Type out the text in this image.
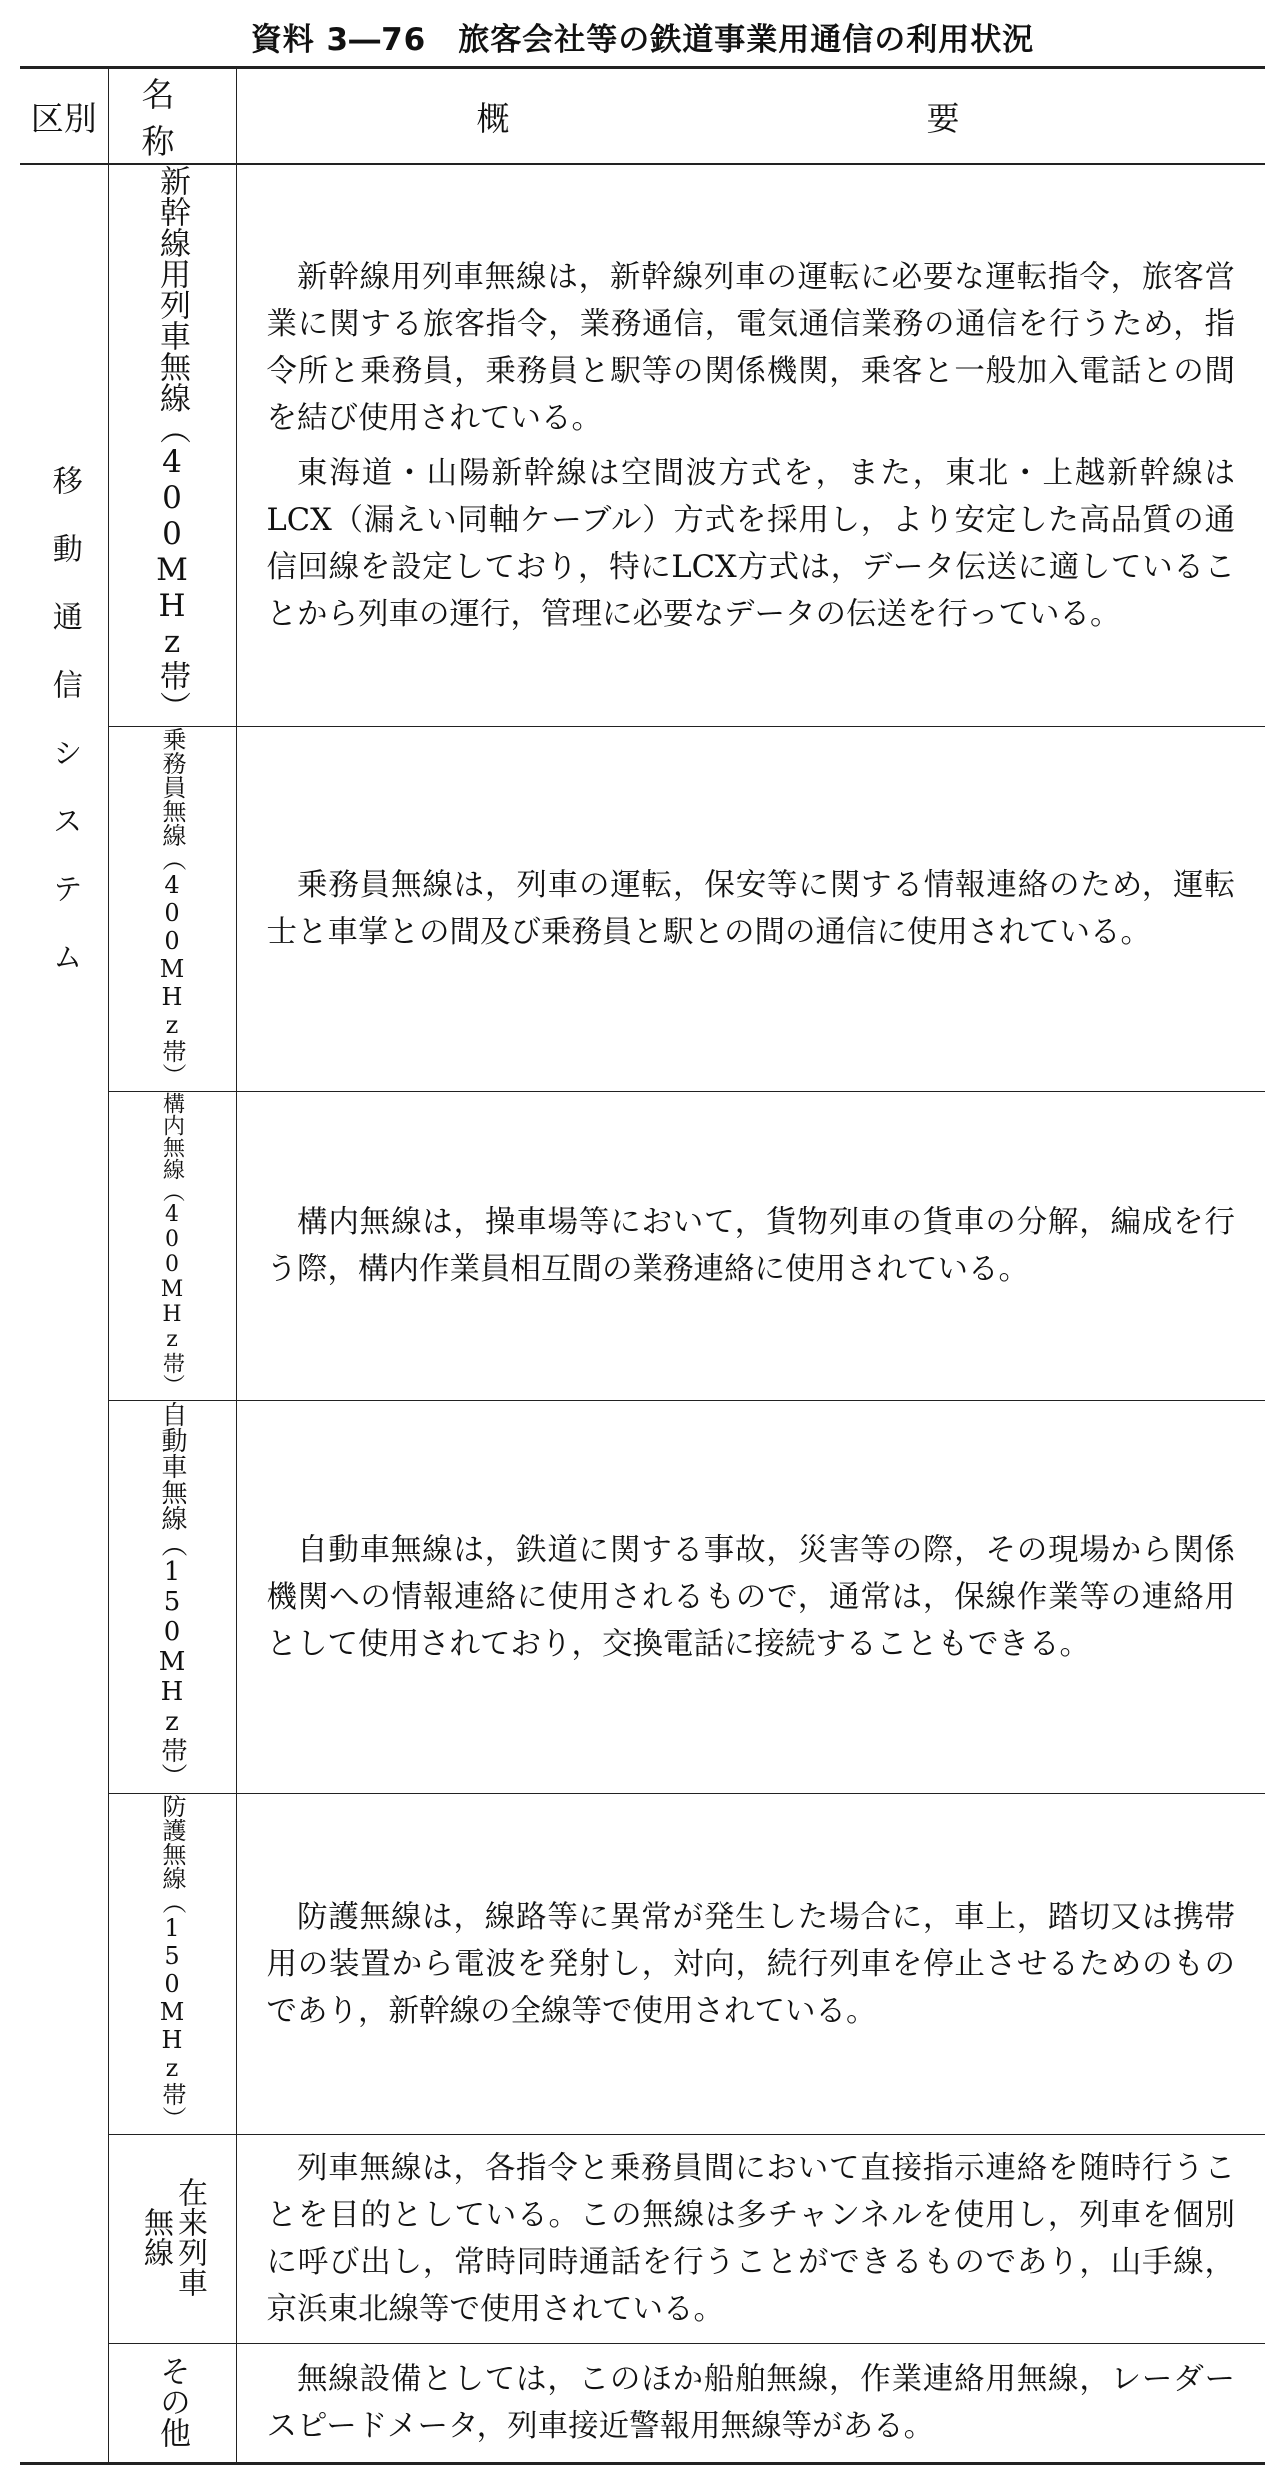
資料 3―76　旅客会社等の鉄道事業用通信の利用状況
区別	名　称	概 要

移動通信システム	新幹線用列車無線（400MHz帯）	新幹線用列車無線は，新幹線列車の運転に必要な運転指令，旅客営業に関する旅客指令，業務通信，電気通信業務の通信を行うため，指令所と乗務員，乗務員と駅等の関係機関，乗客と一般加入電話との間を結び使用されている。

東海道・山陽新幹線は空間波方式を，また，東北・上越新幹線はLCX（漏えい同軸ケーブル）方式を採用し，より安定した高品質の通信回線を設定しており，特にLCX方式は，データ伝送に適していることから列車の運行，管理に必要なデータの伝送を行っている。

	乗務員無線（400MHz帯）	乗務員無線は，列車の運転，保安等に関する情報連絡のため，運転士と車掌との間及び乗務員と駅との間の通信に使用されている。

	構内無線（400MHz帯）	構内無線は，操車場等において，貨物列車の貨車の分解，編成を行う際，構内作業員相互間の業務連絡に使用されている。

	自動車無線（150MHz帯）	自動車無線は，鉄道に関する事故，災害等の際，その現場から関係機関への情報連絡に使用されるもので，通常は，保線作業等の連絡用として使用されており，交換電話に接続することもできる。

	防護無線（150MHz帯）	防護無線は，線路等に異常が発生した場合に，車上，踏切又は携帯用の装置から電波を発射し，対向，続行列車を停止させるためのものであり，新幹線の全線等で使用されている。

	在来列車無線	列車無線は，各指令と乗務員間において直接指示連絡を随時行うことを目的としている。この無線は多チャンネルを使用し，列車を個別に呼び出し，常時同時通話を行うことができるものであり，山手線，京浜東北線等で使用されている。

	その他	無線設備としては，このほか船舶無線，作業連絡用無線，レーダースピードメータ，列車接近警報用無線等がある。
